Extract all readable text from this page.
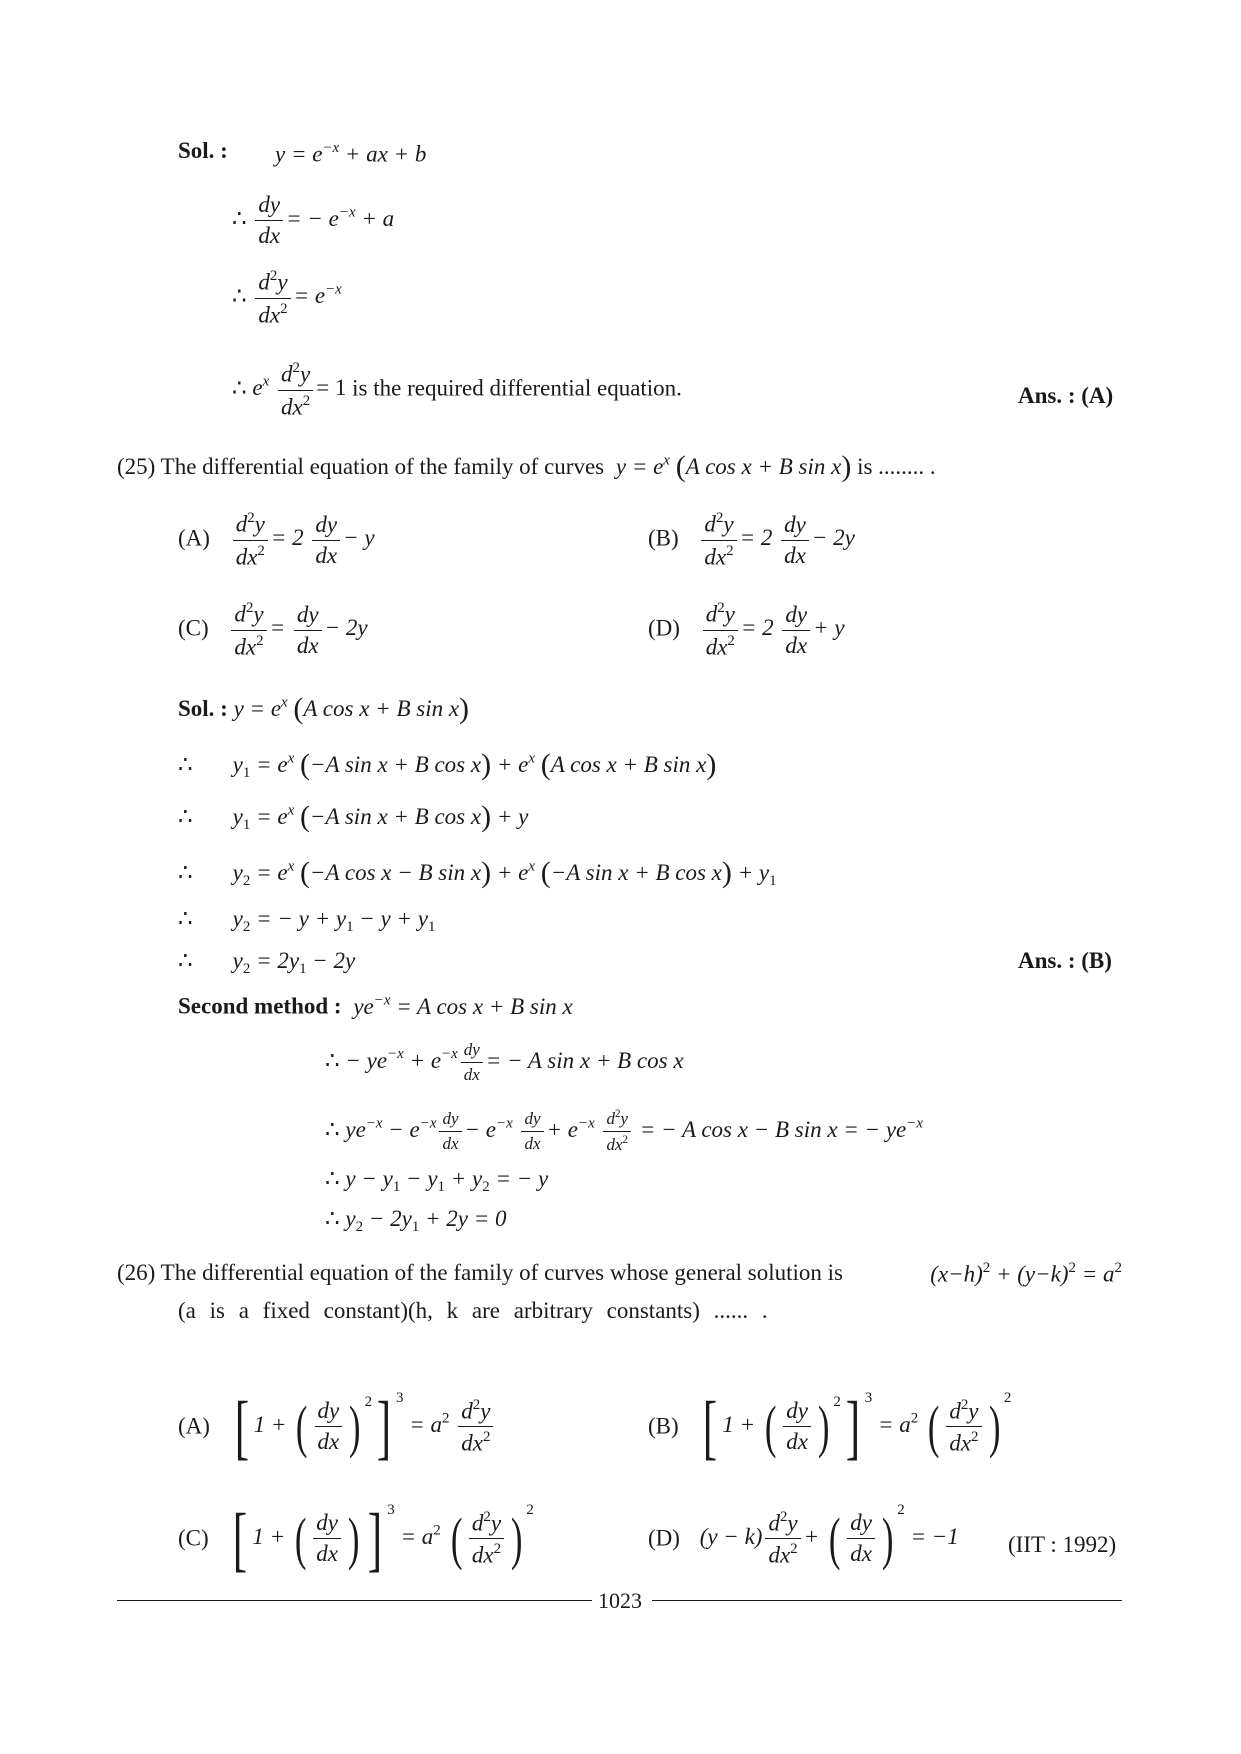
Sol. : $y = e^{-x}$ + ax + b
∴ $\frac{dy}{dx}$ = − $e^{-x} + a$
∴ $\frac{d^2y}{dx^2} = e^{-x}$
∴ $e^x \frac{d^2y}{dx^2} = 1$ is the required differential equation.	Ans. : (A)
(25) The differential equation of the family of curves $y = e^x$ (A cos x + B sin x) is ........ .
$(A) \frac{d^2y}{dx^2} = 2 \frac{dy}{dx} - y$	$(B) \frac{d^2y}{dx^2} = 2 \frac{dy}{dx} - 2y$
$(C) \frac{d^2y}{dx^2} = \frac{dy}{dx} - 2y$	$(D) \frac{d^2y}{dx^2} = 2 \frac{dy}{dx} + y$
Sol. : $y = e^x$ (A cos x + B sin x)
∴ $y_1 = e^x$ (−A sin x + B $\cos x) + e^x$ (A cos x + B sin x)
∴ $y_1 = e^x$ (−A sin x + B cos x) + y
∴ $y_2 = e^x$ (−A cos x − B $\sin x) + e^x$ (−A sin x + B $\cos x) + y_1$
∴ $y_2$ = − $y + y_1 - y + y_1$
∴ $y_2 = 2y_1 - 2y$	Ans. : (B)
Second method : $ye^{-x} = A$ cos x + B sin x
∴ − $ye^{-x} + e^{-x} \frac{dy}{dx}$ = − A sin x + B cos x
∴ $ye^{-x} - e^{-x} \frac{dy}{dx} - e^{-x} \frac{dy}{dx} + e^{-x} \frac{d^2y}{dx^2}$ = − A cos x − B sin x = − $ye^{-x}$
∴ $y - y_1 - y_1 + y_2$ = − y
∴ $y_2 - 2y_1 + 2y = 0$
(26) The differential equation of the family of curves whose general solution is	$(x-h)^2 + (y-k)^2 = a^2$
(a is a fixed constant)(h, k are arbitrary constants) ...... .
(A) [ 1 + ( $\frac{dy}{dx}$ ) $^2$] $^3 = a^2 \frac{d^2y}{dx^2}$	(B) [ 1 + ( $\frac{dy}{dx}$ ) $^2$] $^3 = a^2$ ( $\frac{d^2y}{dx^2}$ ) $^2$
(C) [ 1 + ( $\frac{dy}{dx}$ ) ] $^3 = a^2$ ( $\frac{d^2y}{dx^2}$ ) $^2$
(D) $(y - k) \frac{d^2y}{dx^2}$ + ( $\frac{dy}{dx}$ ) $^2$ = −1 (IIT : 1992)
1023
